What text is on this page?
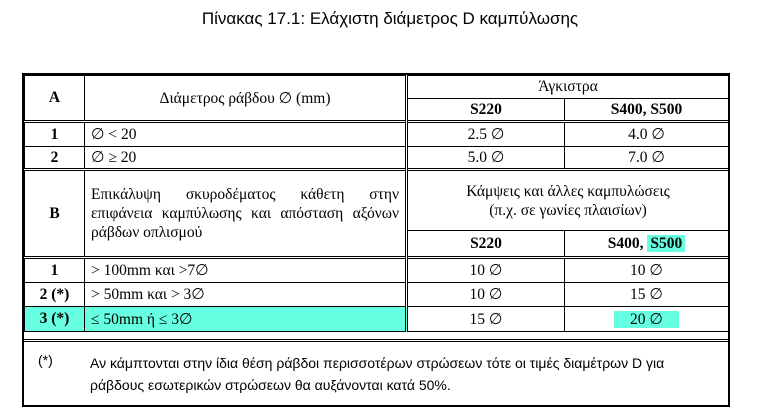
Πίνακας 17.1: Ελάχιστη διάμετρος D καμπύλωσης
A	Διάμετρος ράβδου ∅ (mm)	Άγκιστρα	
		S220	S400, S500
1	∅ < 20	2.5 ∅	4.0 ∅
2	∅ ≥ 20	5.0 ∅	7.0 ∅
B	Επικάλυψη σκυροδέματος κάθετη στην επιφάνεια καμπύλωσης και απόσταση αξόνων ράβδων οπλισμού	Κάμψεις και άλλες καμπυλώσεις
(π.χ. σε γωνίες πλαισίων)	

		S220	S400, S500
1	> 100mm και >7∅	10 ∅	10 ∅
2 (*)	> 50mm και > 3∅	10 ∅	15 ∅
3 (*)	≤ 50mm ή ≤ 3∅	15 ∅	20 ∅
(*)	Αν κάμπτονται στην ίδια θέση ράβδοι περισσοτέρων στρώσεων τότε οι τιμές διαμέτρων D για ράβδους εσωτερικών στρώσεων θα αυξάνονται κατά 50%.
